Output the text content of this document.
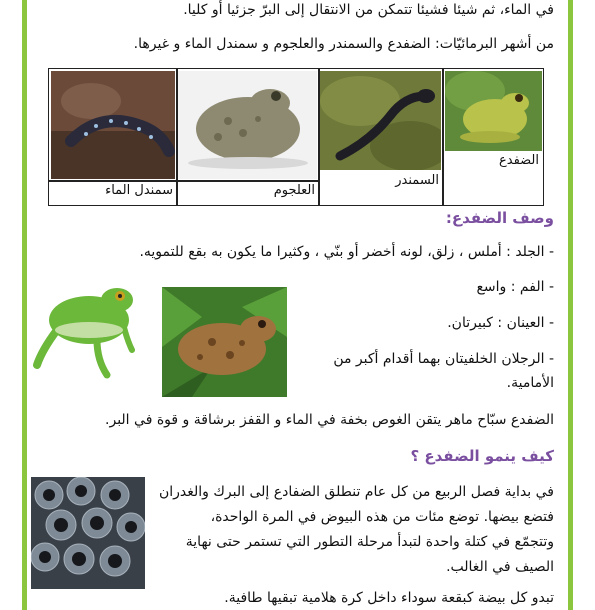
في الماء، ثم شيئا فشيئا تتمكن من الانتقال إلى البرّ جزئيا أو كليا.
من أشهر البرمائيّات: الضفدع والسمندر والعلجوم و سمندل الماء و غيرها.
سمندل الماء	العلجوم
السمندر
الضفدع
وصف الضفدع:
- الجلد : أملس ، زلق، لونه أخضر أو بنّي ، وكثيرا ما يكون به بقع للتمويه.
- الفم : واسع
- العينان : كبيرتان.
- الرجلان الخلفيتان بهما أقدام أكبر من
الأمامية.
الضفدع سبّاح ماهر يتقن الغوص بخفة في الماء و القفز برشاقة و قوة في البر.
كيف ينمو الضفدع ؟
في بداية فصل الربيع من كل عام تنطلق الضفادع إلى البرك والغدران
فتضع بيضها. توضع مئات من هذه البيوض في المرة الواحدة،
وتتجمّع في كتلة واحدة لتبدأ مرحلة التطور التي تستمر حتى نهاية
الصيف في الغالب.
تبدو كل بيضة كبقعة سوداء داخل كرة هلامية تبقيها طافية.
